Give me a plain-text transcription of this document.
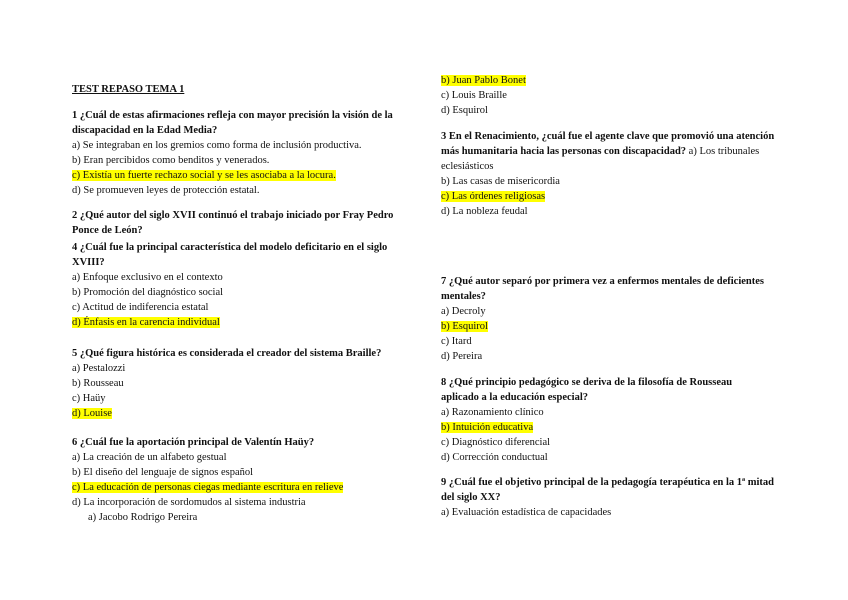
TEST REPASO TEMA 1
1 ¿Cuál de estas afirmaciones refleja con mayor precisión la visión de la discapacidad en la Edad Media?
a) Se integraban en los gremios como forma de inclusión productiva.
b) Eran percibidos como benditos y venerados.
c) Existía un fuerte rechazo social y se les asociaba a la locura.
d) Se promueven leyes de protección estatal.
2 ¿Qué autor del siglo XVII continuó el trabajo iniciado por Fray Pedro Ponce de León?
4 ¿Cuál fue la principal característica del modelo deficitario en el siglo XVIII?
a) Enfoque exclusivo en el contexto
b) Promoción del diagnóstico social
c) Actitud de indiferencia estatal
d) Énfasis en la carencia individual
5 ¿Qué figura histórica es considerada el creador del sistema Braille?
a) Pestalozzi
b) Rousseau
c) Haüy
d) Louise
6 ¿Cuál fue la aportación principal de Valentín Haüy?
a) La creación de un alfabeto gestual
b) El diseño del lenguaje de signos español
c) La educación de personas ciegas mediante escritura en relieve
d) La incorporación de sordomudos al sistema industria
a) Jacobo Rodrigo Pereira
b) Juan Pablo Bonet
c) Louis Braille
d) Esquirol
3 En el Renacimiento, ¿cuál fue el agente clave que promovió una atención más humanitaria hacia las personas con discapacidad? a) Los tribunales eclesiásticos
b) Las casas de misericordia
c) Las órdenes religiosas
d) La nobleza feudal
7 ¿Qué autor separó por primera vez a enfermos mentales de deficientes mentales?
a) Decroly
b) Esquirol
c) Itard
d) Pereira
8 ¿Qué principio pedagógico se deriva de la filosofía de Rousseau aplicado a la educación especial?
a) Razonamiento clínico
b) Intuición educativa
c) Diagnóstico diferencial
d) Corrección conductual
9 ¿Cuál fue el objetivo principal de la pedagogía terapéutica en la 1ª mitad del siglo XX?
a) Evaluación estadística de capacidades
